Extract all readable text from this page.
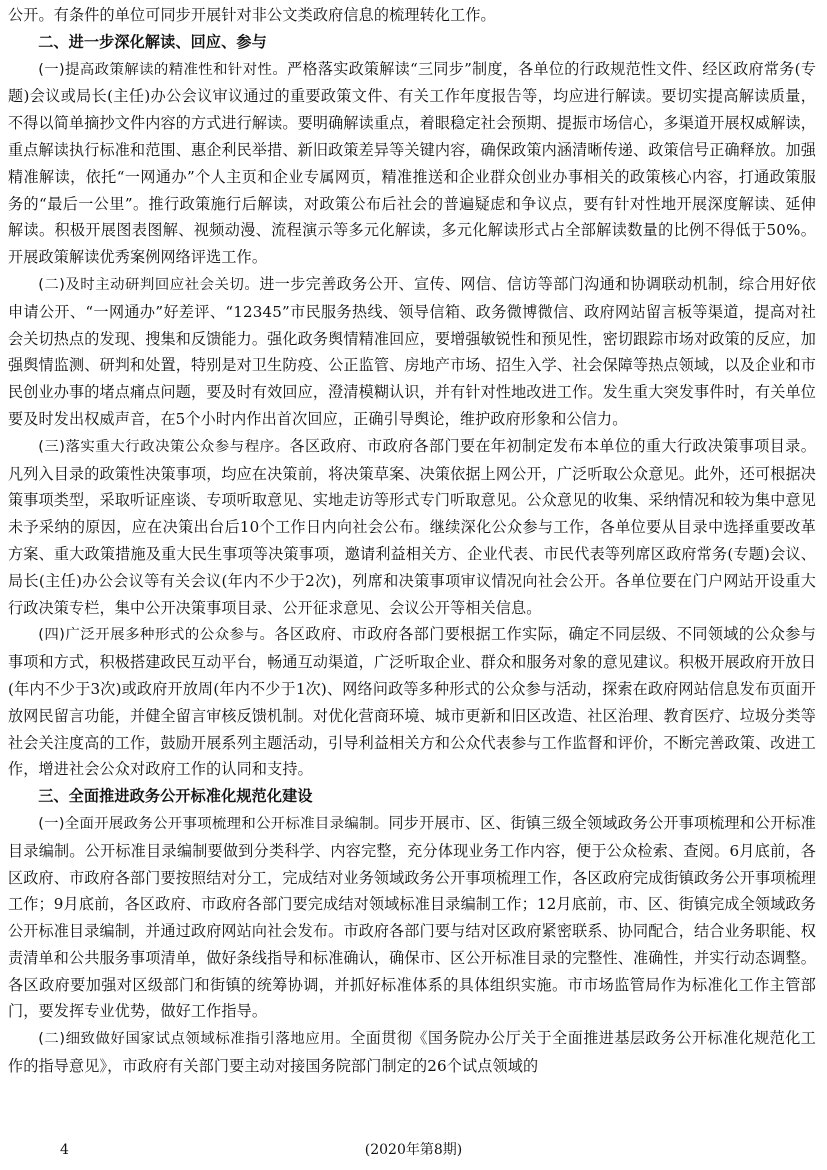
公开。有条件的单位可同步开展针对非公文类政府信息的梳理转化工作。

二、进一步深化解读、回应、参与

(一)提高政策解读的精准性和针对性。严格落实政策解读“三同步”制度，各单位的行政规范性文件、经区政府常务(专题)会议或局长(主任)办公会议审议通过的重要政策文件、有关工作年度报告等，均应进行解读。要切实提高解读质量，不得以简单摘抄文件内容的方式进行解读。要明确解读重点，着眼稳定社会预期、提振市场信心，多渠道开展权威解读，重点解读执行标准和范围、惠企利民举措、新旧政策差异等关键内容，确保政策内涵清晰传递、政策信号正确释放。加强精准解读，依托“一网通办”个人主页和企业专属网页，精准推送和企业群众创业办事相关的政策核心内容，打通政策服务的“最后一公里”。推行政策施行后解读，对政策公布后社会的普遍疑虑和争议点，要有针对性地开展深度解读、延伸解读。积极开展图表图解、视频动漫、流程演示等多元化解读，多元化解读形式占全部解读数量的比例不得低于50%。开展政策解读优秀案例网络评选工作。

(二)及时主动研判回应社会关切。进一步完善政务公开、宣传、网信、信访等部门沟通和协调联动机制，综合用好依申请公开、“一网通办”好差评、“12345”市民服务热线、领导信箱、政务微博微信、政府网站留言板等渠道，提高对社会关切热点的发现、搜集和反馈能力。强化政务舆情精准回应，要增强敏锐性和预见性，密切跟踪市场对政策的反应，加强舆情监测、研判和处置，特别是对卫生防疫、公正监管、房地产市场、招生入学、社会保障等热点领域，以及企业和市民创业办事的堵点痛点问题，要及时有效回应，澄清模糊认识，并有针对性地改进工作。发生重大突发事件时，有关单位要及时发出权威声音，在5个小时内作出首次回应，正确引导舆论，维护政府形象和公信力。

(三)落实重大行政决策公众参与程序。各区政府、市政府各部门要在年初制定发布本单位的重大行政决策事项目录。凡列入目录的政策性决策事项，均应在决策前，将决策草案、决策依据上网公开，广泛听取公众意见。此外，还可根据决策事项类型，采取听证座谈、专项听取意见、实地走访等形式专门听取意见。公众意见的收集、采纳情况和较为集中意见未予采纳的原因，应在决策出台后10个工作日内向社会公布。继续深化公众参与工作，各单位要从目录中选择重要改革方案、重大政策措施及重大民生事项等决策事项，邀请利益相关方、企业代表、市民代表等列席区政府常务(专题)会议、局长(主任)办公会议等有关会议(年内不少于2次)，列席和决策事项审议情况向社会公开。各单位要在门户网站开设重大行政决策专栏，集中公开决策事项目录、公开征求意见、会议公开等相关信息。

(四)广泛开展多种形式的公众参与。各区政府、市政府各部门要根据工作实际，确定不同层级、不同领域的公众参与事项和方式，积极搭建政民互动平台，畅通互动渠道，广泛听取企业、群众和服务对象的意见建议。积极开展政府开放日(年内不少于3次)或政府开放周(年内不少于1次)、网络问政等多种形式的公众参与活动，探索在政府网站信息发布页面开放网民留言功能，并健全留言审核反馈机制。对优化营商环境、城市更新和旧区改造、社区治理、教育医疗、垃圾分类等社会关注度高的工作，鼓励开展系列主题活动，引导利益相关方和公众代表参与工作监督和评价，不断完善政策、改进工作，增进社会公众对政府工作的认同和支持。

三、全面推进政务公开标准化规范化建设

(一)全面开展政务公开事项梳理和公开标准目录编制。同步开展市、区、街镇三级全领域政务公开事项梳理和公开标准目录编制。公开标准目录编制要做到分类科学、内容完整，充分体现业务工作内容，便于公众检索、查阅。6月底前，各区政府、市政府各部门要按照结对分工，完成结对业务领域政务公开事项梳理工作，各区政府完成街镇政务公开事项梳理工作；9月底前，各区政府、市政府各部门要完成结对领域标准目录编制工作；12月底前，市、区、街镇完成全领域政务公开标准目录编制，并通过政府网站向社会发布。市政府各部门要与结对区政府紧密联系、协同配合，结合业务职能、权责清单和公共服务事项清单，做好条线指导和标准确认，确保市、区公开标准目录的完整性、准确性，并实行动态调整。各区政府要加强对区级部门和街镇的统筹协调，并抓好标准体系的具体组织实施。市市场监管局作为标准化工作主管部门，要发挥专业优势，做好工作指导。

(二)细致做好国家试点领域标准指引落地应用。全面贯彻《国务院办公厅关于全面推进基层政务公开标准化规范化工作的指导意见》，市政府有关部门要主动对接国务院部门制定的26个试点领域的

4	(2020年第8期)
